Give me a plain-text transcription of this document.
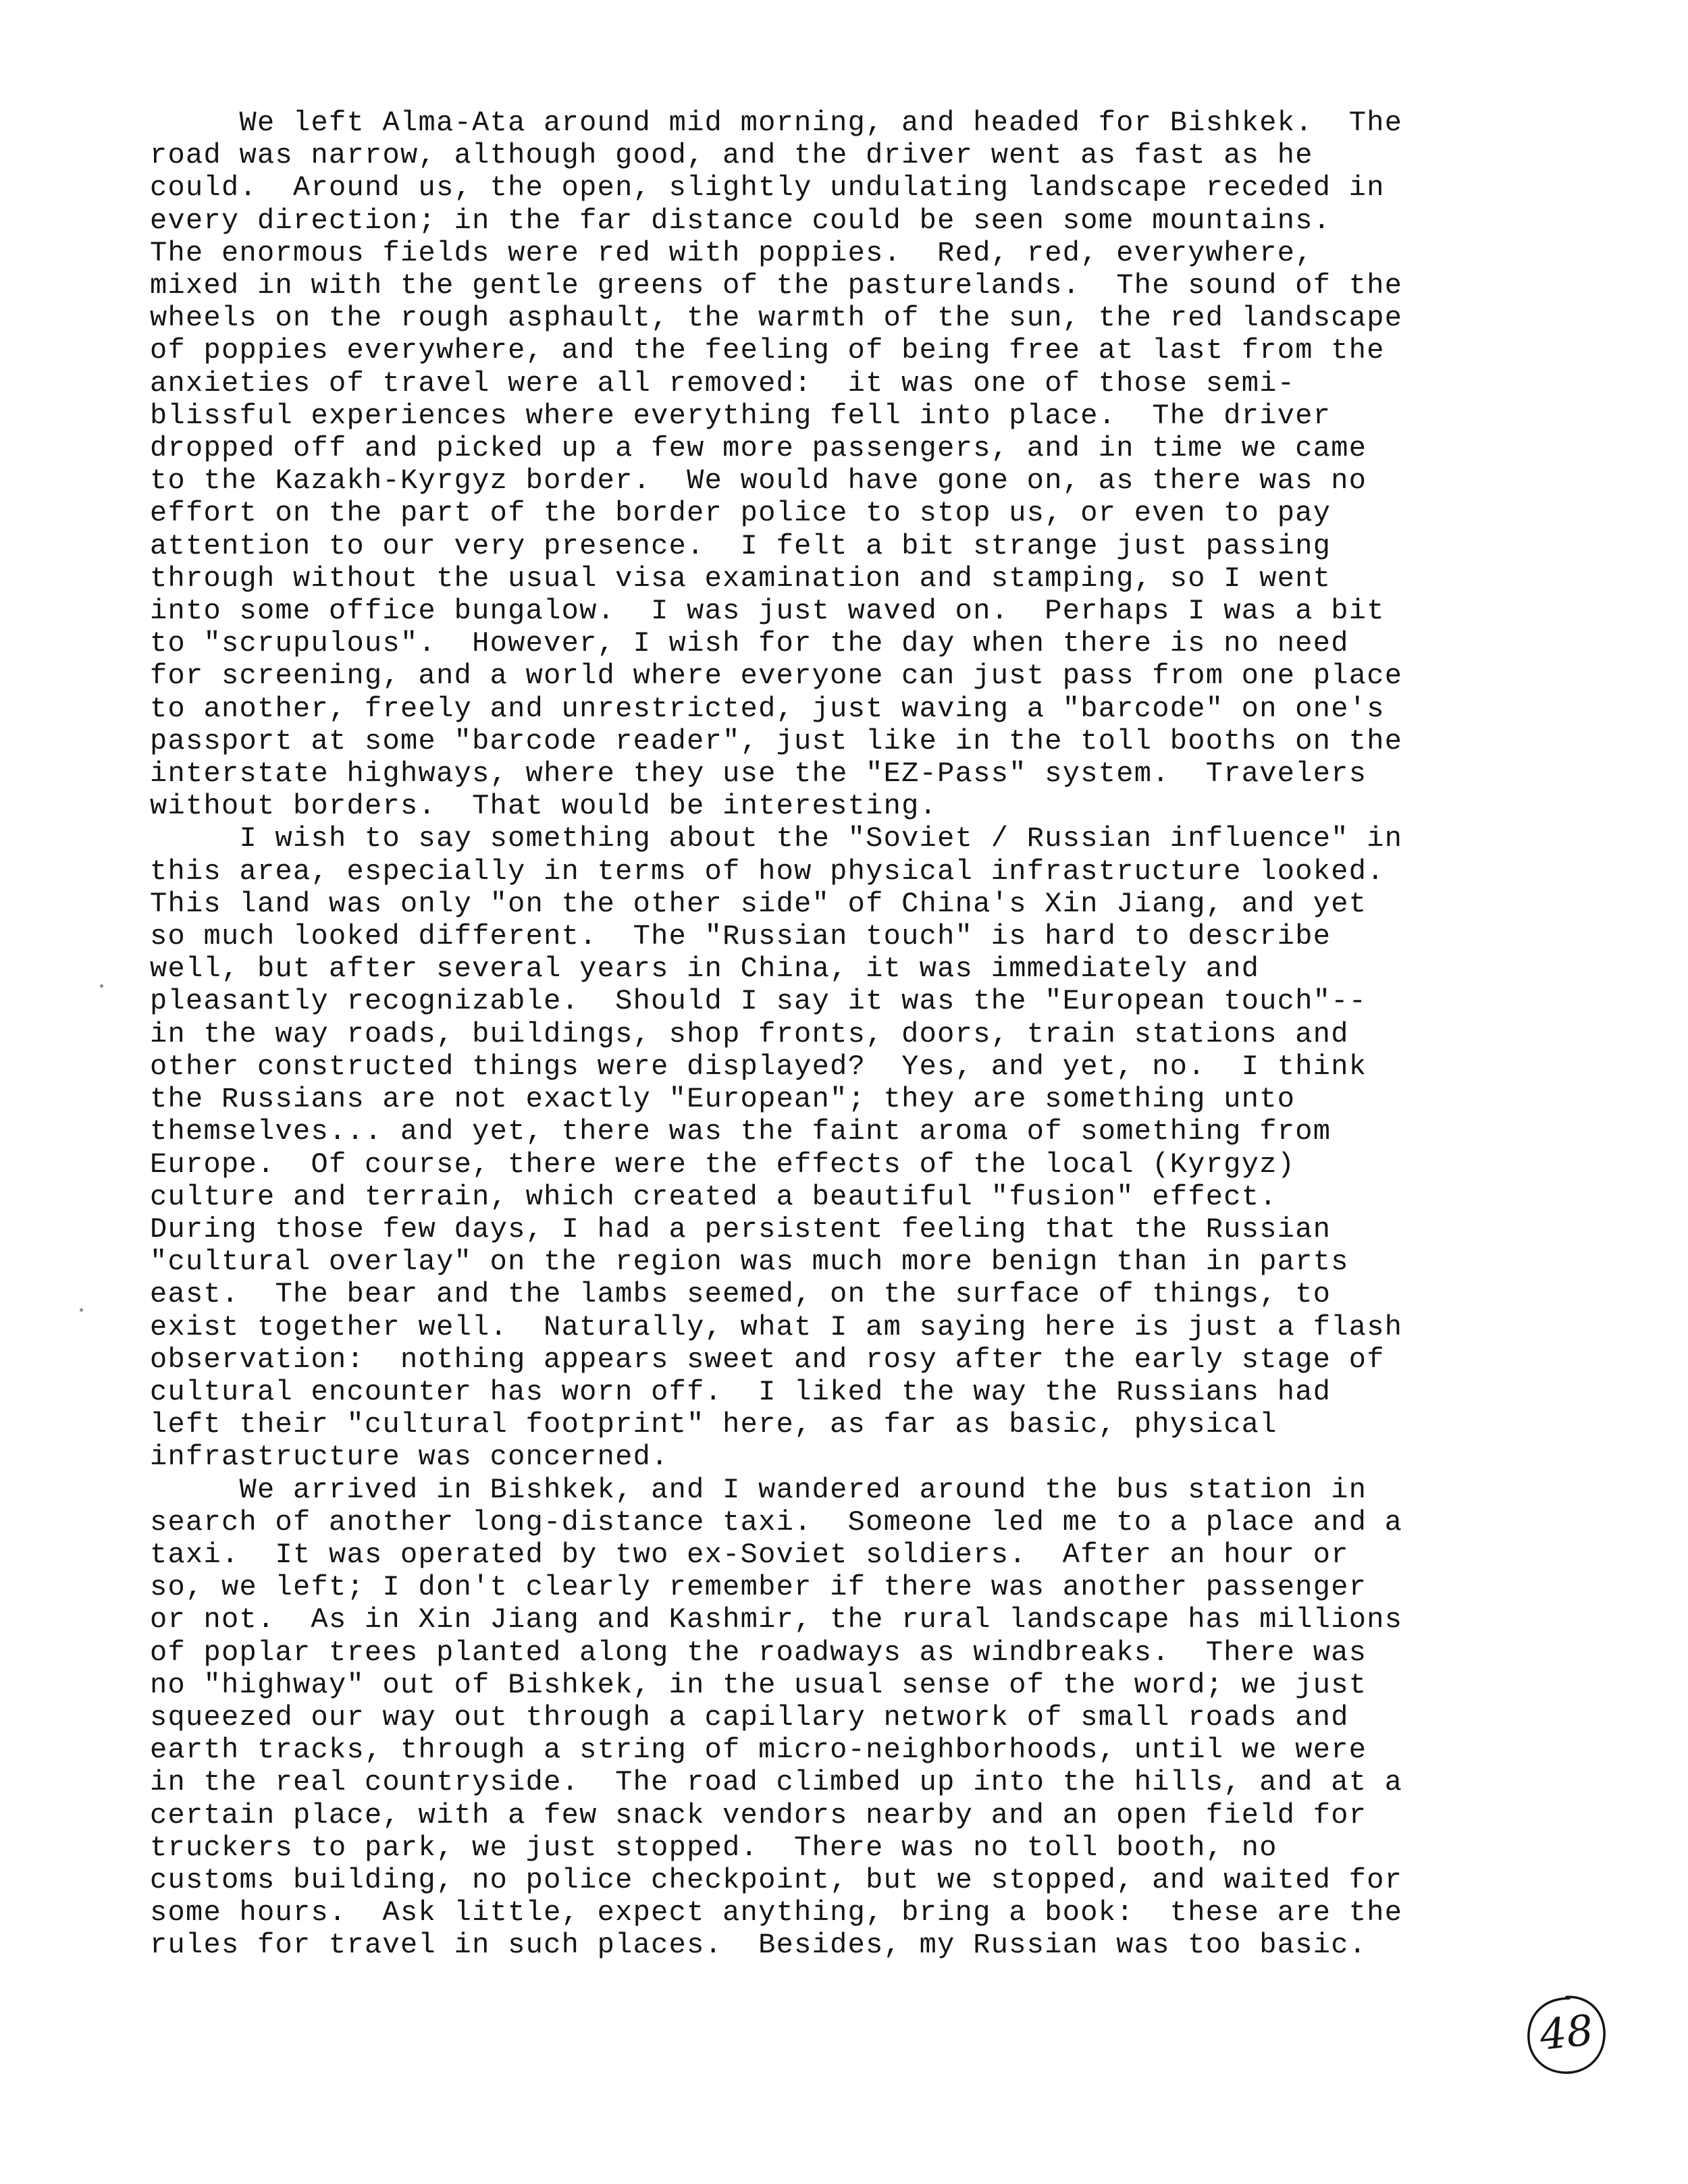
We left Alma-Ata around mid morning, and headed for Bishkek.  The
road was narrow, although good, and the driver went as fast as he
could.  Around us, the open, slightly undulating landscape receded in
every direction; in the far distance could be seen some mountains.
The enormous fields were red with poppies.  Red, red, everywhere,
mixed in with the gentle greens of the pasturelands.  The sound of the
wheels on the rough asphault, the warmth of the sun, the red landscape
of poppies everywhere, and the feeling of being free at last from the
anxieties of travel were all removed:  it was one of those semi-
blissful experiences where everything fell into place.  The driver
dropped off and picked up a few more passengers, and in time we came
to the Kazakh-Kyrgyz border.  We would have gone on, as there was no
effort on the part of the border police to stop us, or even to pay
attention to our very presence.  I felt a bit strange just passing
through without the usual visa examination and stamping, so I went
into some office bungalow.  I was just waved on.  Perhaps I was a bit
to "scrupulous".  However, I wish for the day when there is no need
for screening, and a world where everyone can just pass from one place
to another, freely and unrestricted, just waving a "barcode" on one's
passport at some "barcode reader", just like in the toll booths on the
interstate highways, where they use the "EZ-Pass" system.  Travelers
without borders.  That would be interesting.
I wish to say something about the "Soviet / Russian influence" in
this area, especially in terms of how physical infrastructure looked.
This land was only "on the other side" of China's Xin Jiang, and yet
so much looked different.  The "Russian touch" is hard to describe
well, but after several years in China, it was immediately and
pleasantly recognizable.  Should I say it was the "European touch"--
in the way roads, buildings, shop fronts, doors, train stations and
other constructed things were displayed?  Yes, and yet, no.  I think
the Russians are not exactly "European"; they are something unto
themselves... and yet, there was the faint aroma of something from
Europe.  Of course, there were the effects of the local (Kyrgyz)
culture and terrain, which created a beautiful "fusion" effect.
During those few days, I had a persistent feeling that the Russian
"cultural overlay" on the region was much more benign than in parts
east.  The bear and the lambs seemed, on the surface of things, to
exist together well.  Naturally, what I am saying here is just a flash
observation:  nothing appears sweet and rosy after the early stage of
cultural encounter has worn off.  I liked the way the Russians had
left their "cultural footprint" here, as far as basic, physical
infrastructure was concerned.
We arrived in Bishkek, and I wandered around the bus station in
search of another long-distance taxi.  Someone led me to a place and a
taxi.  It was operated by two ex-Soviet soldiers.  After an hour or
so, we left; I don't clearly remember if there was another passenger
or not.  As in Xin Jiang and Kashmir, the rural landscape has millions
of poplar trees planted along the roadways as windbreaks.  There was
no "highway" out of Bishkek, in the usual sense of the word; we just
squeezed our way out through a capillary network of small roads and
earth tracks, through a string of micro-neighborhoods, until we were
in the real countryside.  The road climbed up into the hills, and at a
certain place, with a few snack vendors nearby and an open field for
truckers to park, we just stopped.  There was no toll booth, no
customs building, no police checkpoint, but we stopped, and waited for
some hours.  Ask little, expect anything, bring a book:  these are the
rules for travel in such places.  Besides, my Russian was too basic.
48
